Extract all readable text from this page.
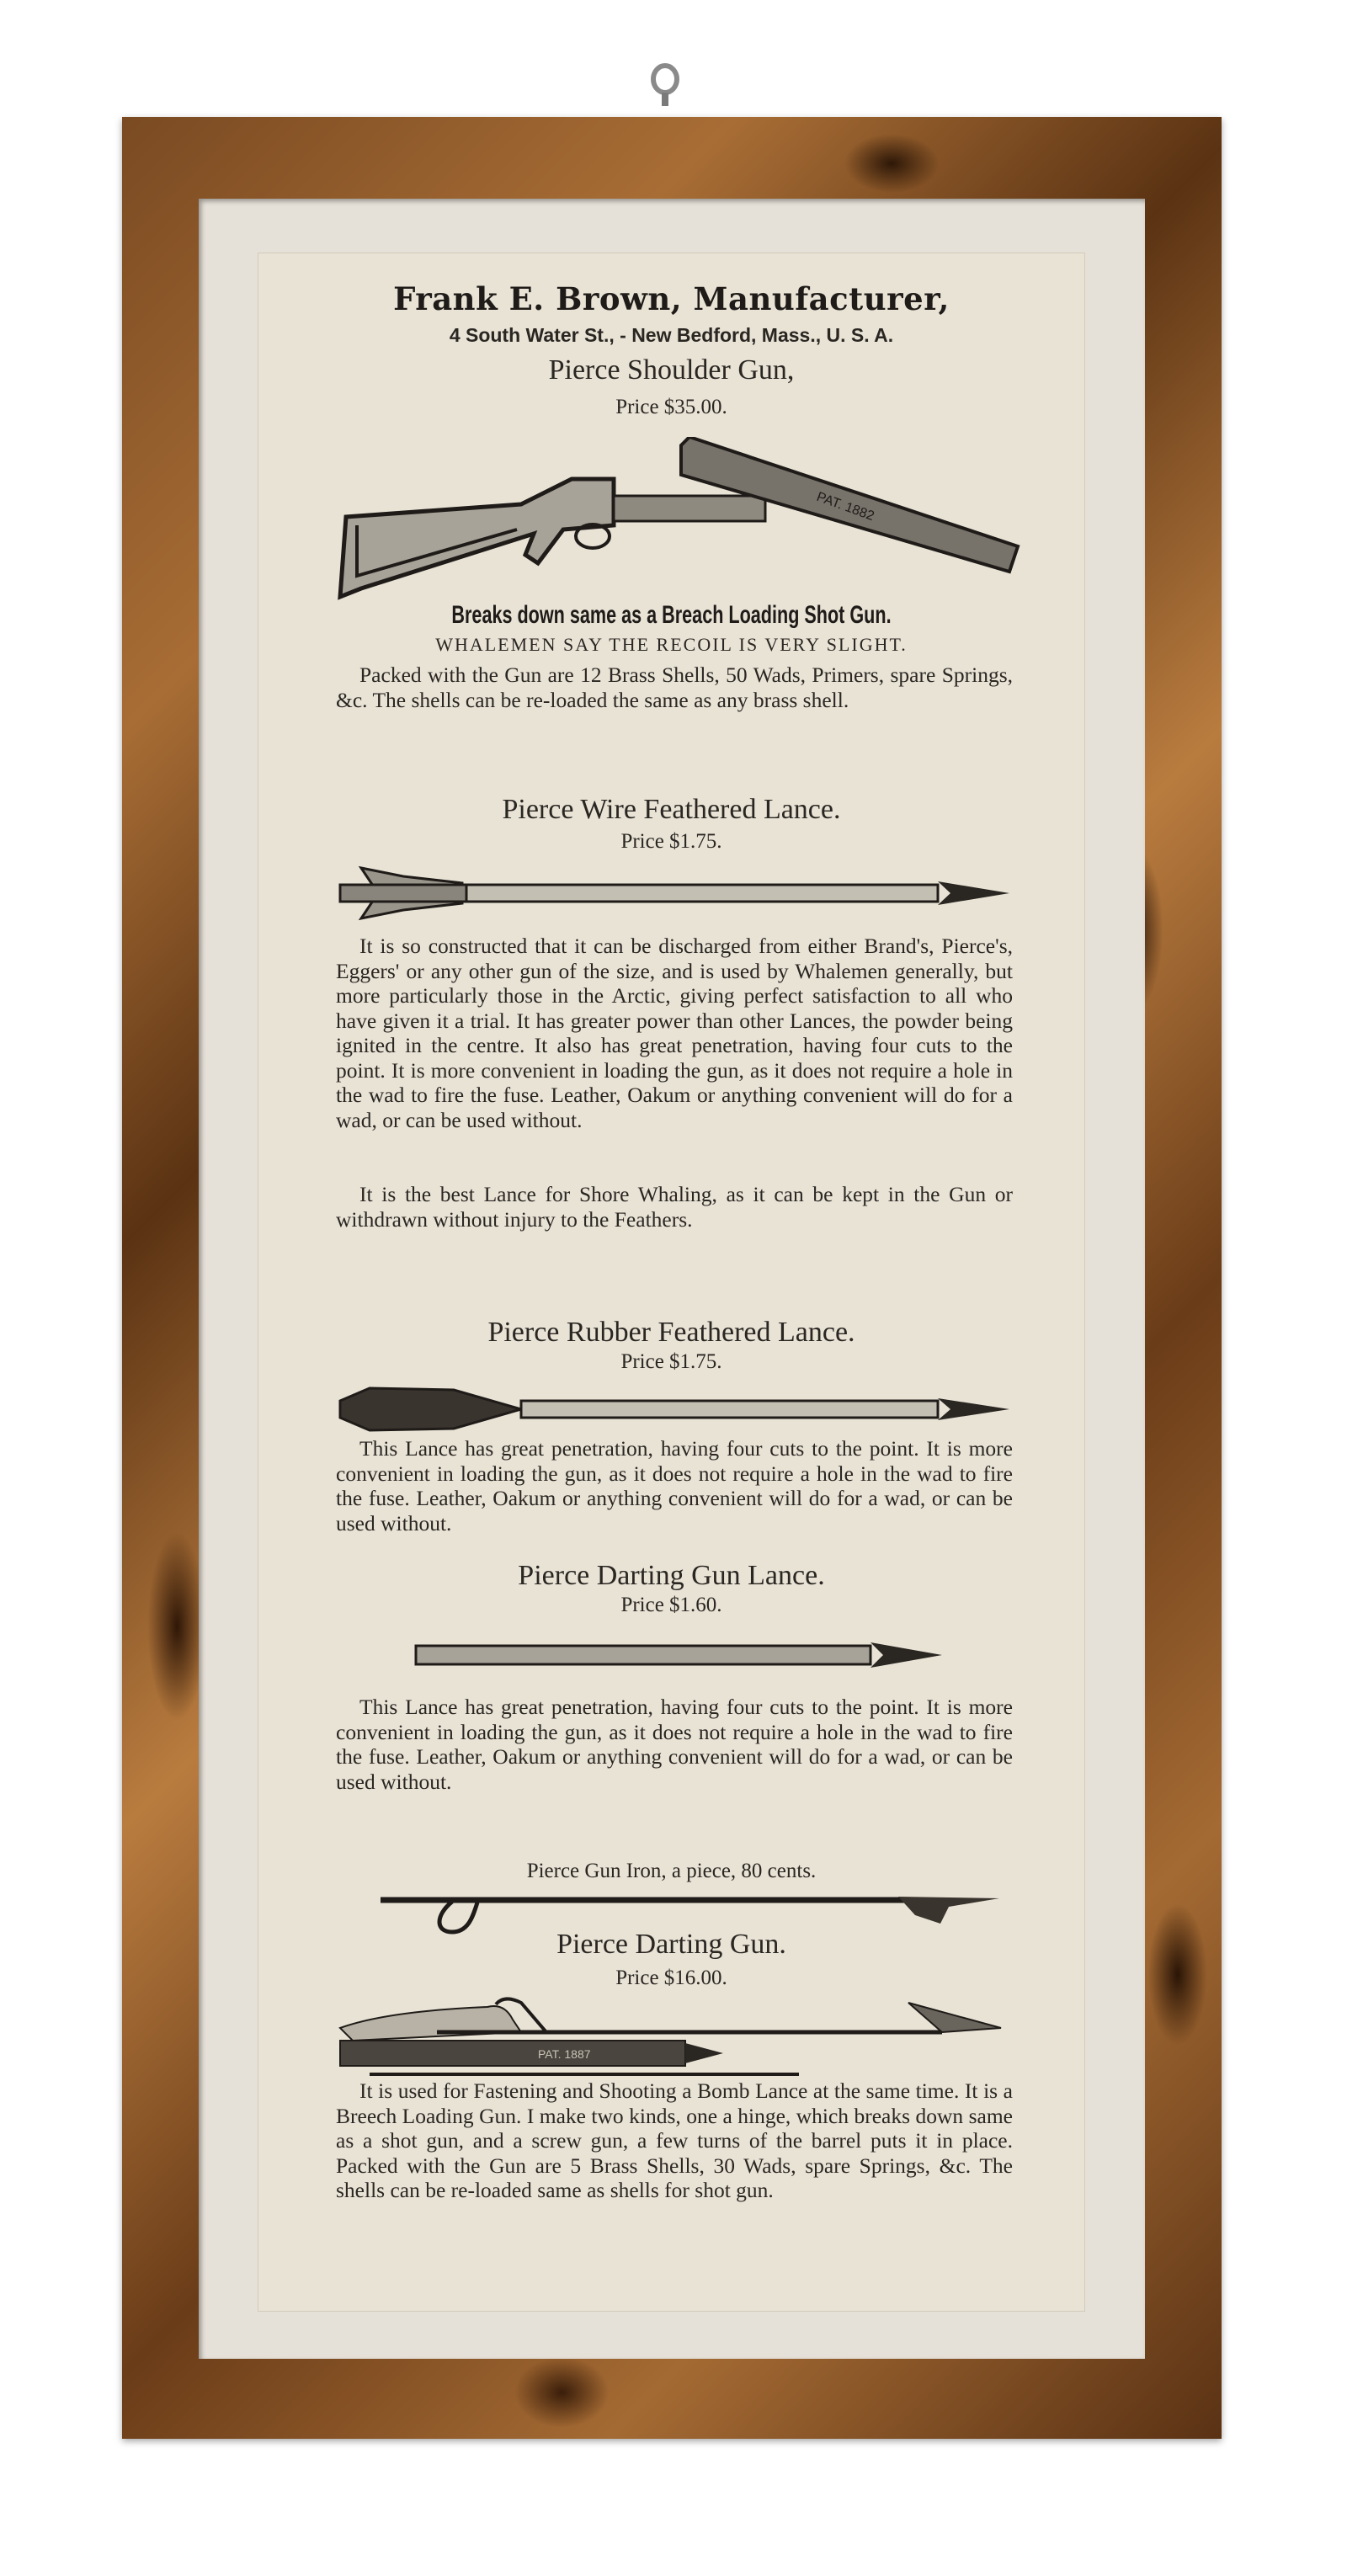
Frank E. Brown, Manufacturer,
4 South Water St., - New Bedford, Mass., U. S. A.
Pierce Shoulder Gun,
Price $35.00.
PAT. 1882
Breaks down same as a Breach Loading Shot Gun.
WHALEMEN SAY THE RECOIL IS VERY SLIGHT.
Packed with the Gun are 12 Brass Shells, 50 Wads, Primers, spare Springs, &c. The shells can be re-loaded the same as any brass shell.
Pierce Wire Feathered Lance.
Price $1.75.
It is so constructed that it can be discharged from either Brand's, Pierce's, Eggers' or any other gun of the size, and is used by Whalemen generally, but more particularly those in the Arctic, giving perfect satisfaction to all who have given it a trial. It has greater power than other Lances, the powder being ignited in the centre. It also has great penetration, having four cuts to the point. It is more convenient in loading the gun, as it does not require a hole in the wad to fire the fuse. Leather, Oakum or anything convenient will do for a wad, or can be used without.
It is the best Lance for Shore Whaling, as it can be kept in the Gun or withdrawn without injury to the Feathers.
Pierce Rubber Feathered Lance.
Price $1.75.
This Lance has great penetration, having four cuts to the point. It is more convenient in loading the gun, as it does not require a hole in the wad to fire the fuse. Leather, Oakum or anything convenient will do for a wad, or can be used without.
Pierce Darting Gun Lance.
Price $1.60.
This Lance has great penetration, having four cuts to the point. It is more convenient in loading the gun, as it does not require a hole in the wad to fire the fuse. Leather, Oakum or anything convenient will do for a wad, or can be used without.
Pierce Gun Iron, a piece, 80 cents.
Pierce Darting Gun.
Price $16.00.
PAT. 1887
It is used for Fastening and Shooting a Bomb Lance at the same time. It is a Breech Loading Gun. I make two kinds, one a hinge, which breaks down same as a shot gun, and a screw gun, a few turns of the barrel puts it in place. Packed with the Gun are 5 Brass Shells, 30 Wads, spare Springs, &c. The shells can be re-loaded same as shells for shot gun.
